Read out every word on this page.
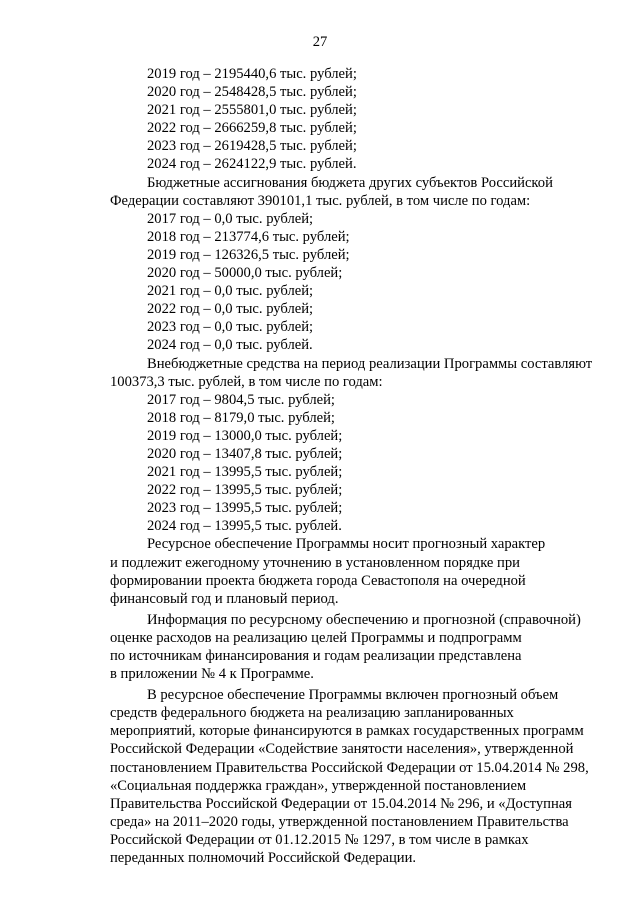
27
2019 год – 2195440,6 тыс. рублей;
2020 год – 2548428,5 тыс. рублей;
2021 год – 2555801,0 тыс. рублей;
2022 год – 2666259,8 тыс. рублей;
2023 год – 2619428,5 тыс. рублей;
2024 год – 2624122,9 тыс. рублей.
Бюджетные ассигнования бюджета других субъектов Российской
Федерации составляют 390101,1 тыс. рублей, в том числе по годам:
2017 год – 0,0 тыс. рублей;
2018 год – 213774,6 тыс. рублей;
2019 год – 126326,5 тыс. рублей;
2020 год – 50000,0 тыс. рублей;
2021 год – 0,0 тыс. рублей;
2022 год – 0,0 тыс. рублей;
2023 год – 0,0 тыс. рублей;
2024 год – 0,0 тыс. рублей.
Внебюджетные средства на период реализации Программы составляют
100373,3 тыс. рублей, в том числе по годам:
2017 год – 9804,5 тыс. рублей;
2018 год – 8179,0 тыс. рублей;
2019 год – 13000,0 тыс. рублей;
2020 год – 13407,8 тыс. рублей;
2021 год – 13995,5 тыс. рублей;
2022 год – 13995,5 тыс. рублей;
2023 год – 13995,5 тыс. рублей;
2024 год – 13995,5 тыс. рублей.
Ресурсное обеспечение Программы носит прогнозный характер
и подлежит ежегодному уточнению в установленном порядке при
формировании проекта бюджета города Севастополя на очередной
финансовый год и плановый период.
Информация по ресурсному обеспечению и прогнозной (справочной)
оценке расходов на реализацию целей Программы и подпрограмм
по источникам финансирования и годам реализации представлена
в приложении № 4 к Программе.
В ресурсное обеспечение Программы включен прогнозный объем
средств федерального бюджета на реализацию запланированных
мероприятий, которые финансируются в рамках государственных программ
Российской Федерации «Содействие занятости населения», утвержденной
постановлением Правительства Российской Федерации от 15.04.2014 № 298,
«Социальная поддержка граждан», утвержденной постановлением
Правительства Российской Федерации от 15.04.2014 № 296, и «Доступная
среда» на 2011–2020 годы, утвержденной постановлением Правительства
Российской Федерации от 01.12.2015 № 1297, в том числе в рамках
переданных полномочий Российской Федерации.
